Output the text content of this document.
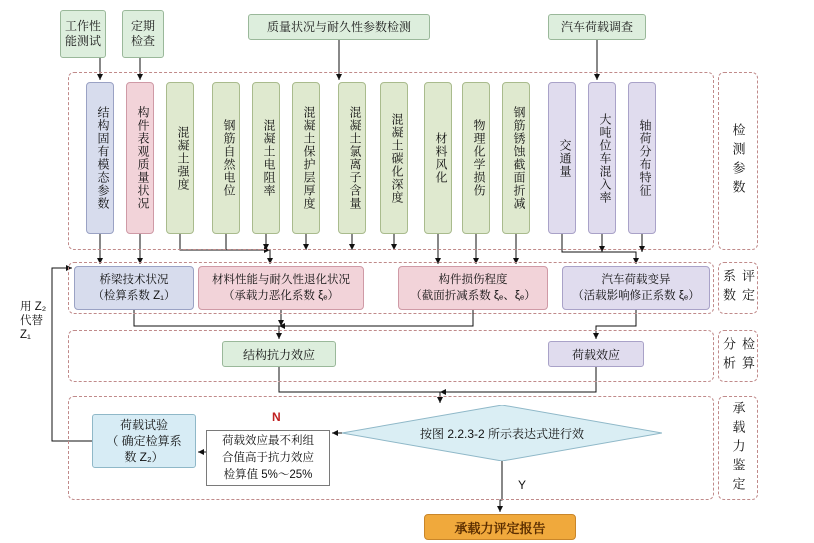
检测参数
评定系数
检算分析
承载力鉴定
工作性能测试
定期检查
质量状况与耐久性参数检测	汽车荷载调查
结构固有模态参数	构件表观质量状况	混凝土强度	钢筋自然电位	混凝土电阻率	混凝土保护层厚度	混凝土氯离子含量	混凝土碳化深度	材料风化	物理化学损伤	钢筋锈蚀截面折减	交通量	大吨位车混入率	轴荷分布特征
桥梁技术状况
（检算系数 Z₁）
材料性能与耐久性退化状况
（承载力恶化系数 ξₑ）
构件损伤程度
（截面折减系数 ξₑ、ξₑ）
汽车荷载变异
（活载影响修正系数 ξₑ）
结构抗力效应	荷载效应
荷载试验
（ 确定检算系
数 Z₂）
荷载效应最不利组
合值高于抗力效应
检算值 5%～25%
按图 2.2.3-2 所示表达式进行效
承载力评定报告
N
Y
用 Z₂ 代替 Z₁
